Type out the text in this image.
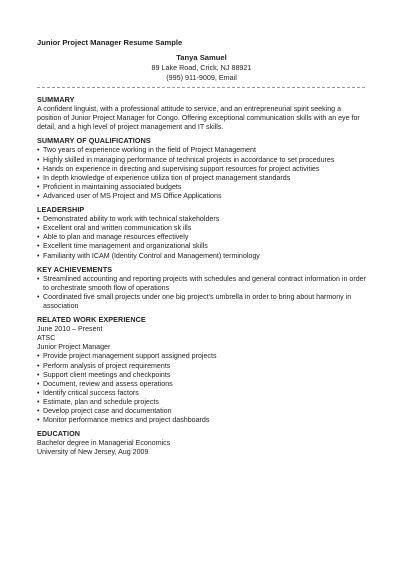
Junior Project Manager Resume Sample
Tanya Samuel
89 Lake Road, Crick, NJ 88921
(995) 911-9009, Email
SUMMARY

A confident linguist, with a professional attitude to service, and an entrepreneurial spirit seeking a position of Junior Project Manager for Congo. Offering exceptional communication skills with an eye for detail, and a high level of project management and IT skills.

SUMMARY OF QUALIFICATIONS
• Two years of experience working in the field of Project Management
• Highly skilled in managing performance of technical projects in accordance to set procedures
• Hands on experience in directing and supervising support resources for project activities
• In depth knowledge of experience utiliza tion of project management standards
• Proficient in maintaining associated budgets
• Advanced user of MS Project and MS Office Applications
LEADERSHIP
• Demonstrated ability to work with technical stakeholders
• Excellent oral and written communication sk ills
• Able to plan and manage resources effectively
• Excellent time management and organizational skills
• Familiarity with ICAM (Identity Control and Management) terminology
KEY ACHIEVEMENTS
• Streamlined accounting and reporting projects with schedules and general contract information in order to orchestrate smooth flow of operations
• Coordinated five small projects under one big project’s umbrella in order to bring about harmony in association
RELATED WORK EXPERIENCE
June 2010 – Present
ATSC
Junior Project Manager
• Provide project management support assigned projects
• Perform analysis of project requirements
• Support client meetings and checkpoints
• Document, review and assess operations
• Identify critical success factors
• Estimate, plan and schedule projects
• Develop project case and documentation
• Monitor performance metrics and project dashboards
EDUCATION
Bachelor degree in Managerial Economics
University of New Jersey, Aug 2009
